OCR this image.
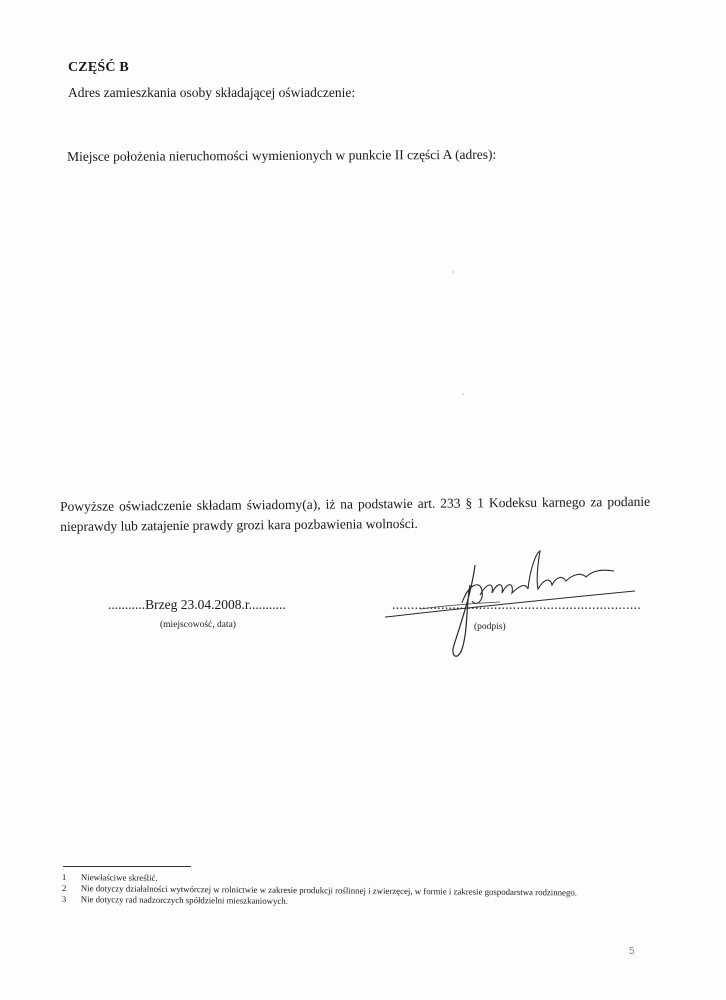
CZĘŚĆ B
Adres zamieszkania osoby składającej oświadczenie:
Miejsce położenia nieruchomości wymienionych w punkcie II części A (adres):
Powyższe oświadczenie składam świadomy(a), iż na podstawie art. 233 § 1 Kodeksu karnego za podanie
nieprawdy lub zatajenie prawdy grozi kara pozbawienia wolności.
...........Brzeg 23.04.2008.r...........
(miejscowość, data)
..................................................................
(podpis)
1	Niewłaściwe skreślić.
2	Nie dotyczy działalności wytwórczej w rolnictwie w zakresie produkcji roślinnej i zwierzęcej, w formie i zakresie gospodarstwa rodzinnego.
3	Nie dotyczy rad nadzorczych spółdzielni mieszkaniowych.
5
